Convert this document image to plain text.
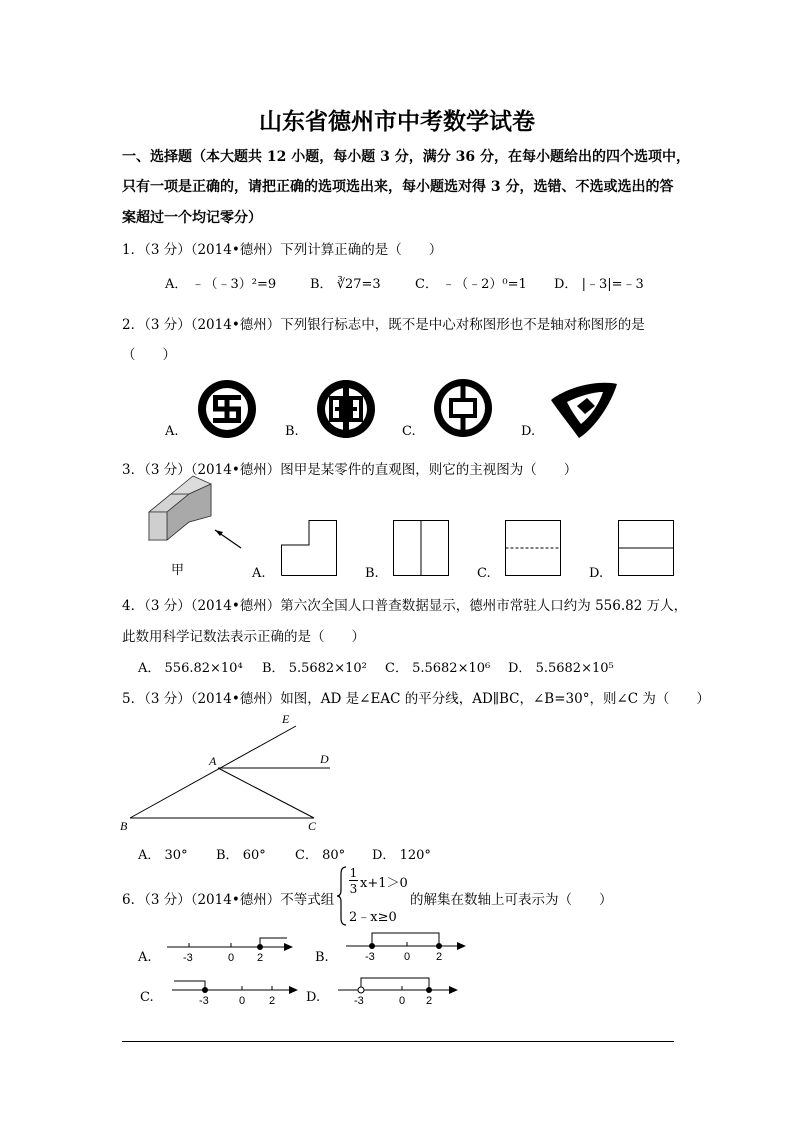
山东省德州市中考数学试卷
一、选择题（本大题共 12 小题，每小题 3 分，满分 36 分，在每小题给出的四个选项中，
只有一项是正确的，请把正确的选项选出来，每小题选对得 3 分，选错、不选或选出的答
案超过一个均记零分）
1．（3 分）（2014•德州）下列计算正确的是（　　）
A． ﹣（﹣3）²=9	B． ∛27=3	C． ﹣（﹣2）⁰=1 D． |﹣3|=﹣3
2．（3 分）（2014•德州）下列银行标志中，既不是中心对称图形也不是轴对称图形的是
（　　）
A.	B.	C.	D.
3．（3 分）（2014•德州）图甲是某零件的直观图，则它的主视图为（　　）
甲	A.	B.	C.	D.
4．（3 分）（2014•德州）第六次全国人口普查数据显示，德州市常驻人口约为 556.82 万人，
此数用科学记数法表示正确的是（　　）
A． 556.82×10⁴ B． 5.5682×10² C． 5.5682×10⁶ D． 5.5682×10⁵
5．（3 分）（2014•德州）如图，AD 是∠EAC 的平分线，AD∥BC，∠B=30°，则∠C 为（　　）
E
A	D
B	C
A． 30° B． 60° C． 80° D． 120°
6．（3 分）（2014•德州）不等式组
1
3 x+1＞0
2﹣x≥0
的解集在数轴上可表示为（　　）
A.	-3	0 2	B.	-3	0 2
C.	-3	0 2 D.	-3	0 2
